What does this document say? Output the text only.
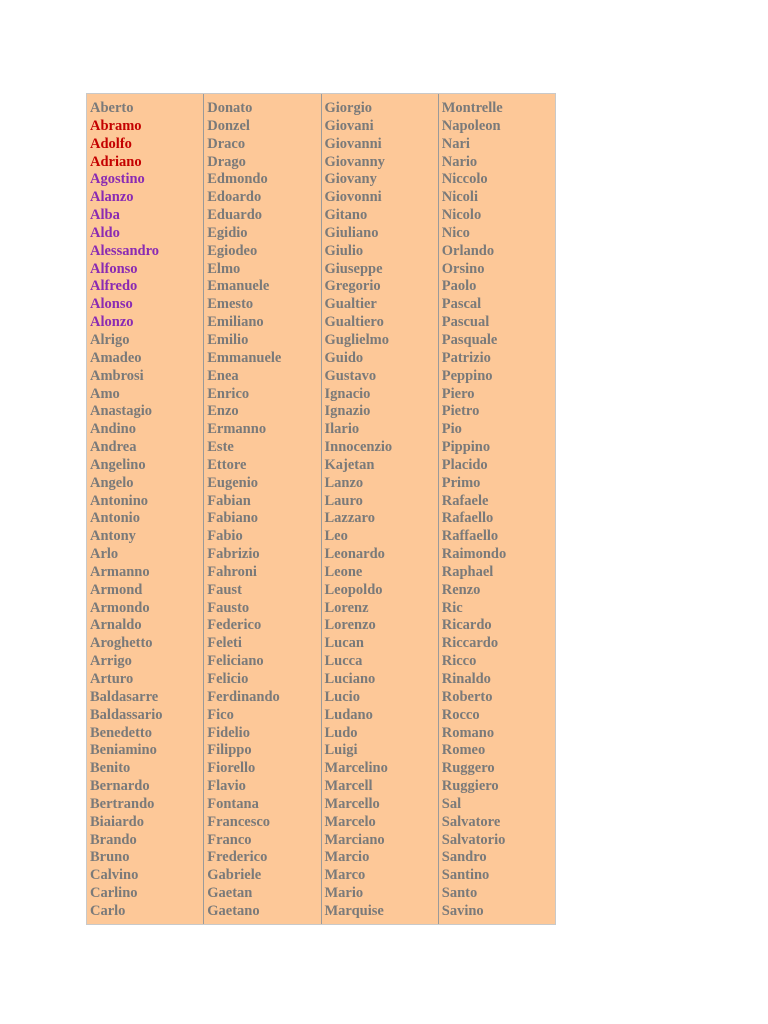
Aberto
Abramo
Adolfo
Adriano
Agostino
Alanzo
Alba
Aldo
Alessandro
Alfonso
Alfredo
Alonso
Alonzo
Alrigo
Amadeo
Ambrosi
Amo
Anastagio
Andino
Andrea
Angelino
Angelo
Antonino
Antonio
Antony
Arlo
Armanno
Armond
Armondo
Arnaldo
Aroghetto
Arrigo
Arturo
Baldasarre
Baldassario
Benedetto
Beniamino
Benito
Bernardo
Bertrando
Biaiardo
Brando
Bruno
Calvino
Carlino
Carlo
Donato
Donzel
Draco
Drago
Edmondo
Edoardo
Eduardo
Egidio
Egiodeo
Elmo
Emanuele
Emesto
Emiliano
Emilio
Emmanuele
Enea
Enrico
Enzo
Ermanno
Este
Ettore
Eugenio
Fabian
Fabiano
Fabio
Fabrizio
Fahroni
Faust
Fausto
Federico
Feleti
Feliciano
Felicio
Ferdinando
Fico
Fidelio
Filippo
Fiorello
Flavio
Fontana
Francesco
Franco
Frederico
Gabriele
Gaetan
Gaetano
Giorgio
Giovani
Giovanni
Giovanny
Giovany
Giovonni
Gitano
Giuliano
Giulio
Giuseppe
Gregorio
Gualtier
Gualtiero
Guglielmo
Guido
Gustavo
Ignacio
Ignazio
Ilario
Innocenzio
Kajetan
Lanzo
Lauro
Lazzaro
Leo
Leonardo
Leone
Leopoldo
Lorenz
Lorenzo
Lucan
Lucca
Luciano
Lucio
Ludano
Ludo
Luigi
Marcelino
Marcell
Marcello
Marcelo
Marciano
Marcio
Marco
Mario
Marquise
Montrelle
Napoleon
Nari
Nario
Niccolo
Nicoli
Nicolo
Nico
Orlando
Orsino
Paolo
Pascal
Pascual
Pasquale
Patrizio
Peppino
Piero
Pietro
Pio
Pippino
Placido
Primo
Rafaele
Rafaello
Raffaello
Raimondo
Raphael
Renzo
Ric
Ricardo
Riccardo
Ricco
Rinaldo
Roberto
Rocco
Romano
Romeo
Ruggero
Ruggiero
Sal
Salvatore
Salvatorio
Sandro
Santino
Santo
Savino
